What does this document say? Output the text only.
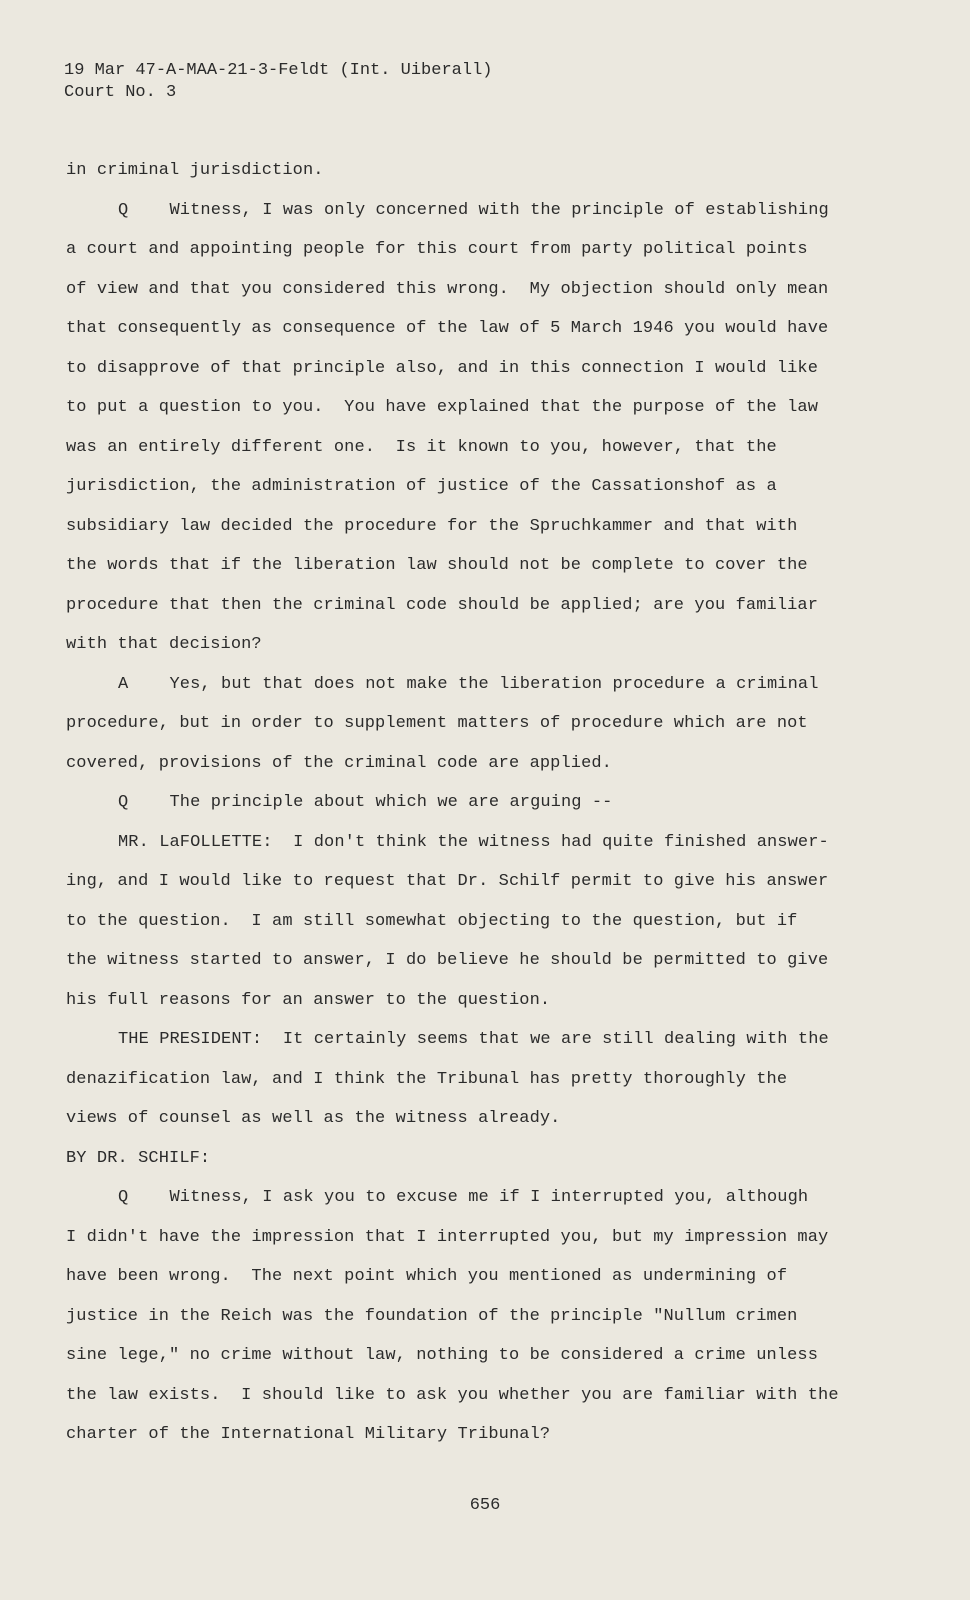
19 Mar 47-A-MAA-21-3-Feldt (Int. Uiberall)
Court No. 3
in criminal jurisdiction.
Q    Witness, I was only concerned with the principle of establishing
a court and appointing people for this court from party political points
of view and that you considered this wrong.  My objection should only mean
that consequently as consequence of the law of 5 March 1946 you would have
to disapprove of that principle also, and in this connection I would like
to put a question to you.  You have explained that the purpose of the law
was an entirely different one.  Is it known to you, however, that the
jurisdiction, the administration of justice of the Cassationshof as a
subsidiary law decided the procedure for the Spruchkammer and that with
the words that if the liberation law should not be complete to cover the
procedure that then the criminal code should be applied; are you familiar
with that decision?
A    Yes, but that does not make the liberation procedure a criminal
procedure, but in order to supplement matters of procedure which are not
covered, provisions of the criminal code are applied.
Q    The principle about which we are arguing --
MR. LaFOLLETTE:  I don't think the witness had quite finished answer-
ing, and I would like to request that Dr. Schilf permit to give his answer
to the question.  I am still somewhat objecting to the question, but if
the witness started to answer, I do believe he should be permitted to give
his full reasons for an answer to the question.
THE PRESIDENT:  It certainly seems that we are still dealing with the
denazification law, and I think the Tribunal has pretty thoroughly the
views of counsel as well as the witness already.
BY DR. SCHILF:
Q    Witness, I ask you to excuse me if I interrupted you, although
I didn't have the impression that I interrupted you, but my impression may
have been wrong.  The next point which you mentioned as undermining of
justice in the Reich was the foundation of the principle "Nullum crimen
sine lege," no crime without law, nothing to be considered a crime unless
the law exists.  I should like to ask you whether you are familiar with the
charter of the International Military Tribunal?
656
